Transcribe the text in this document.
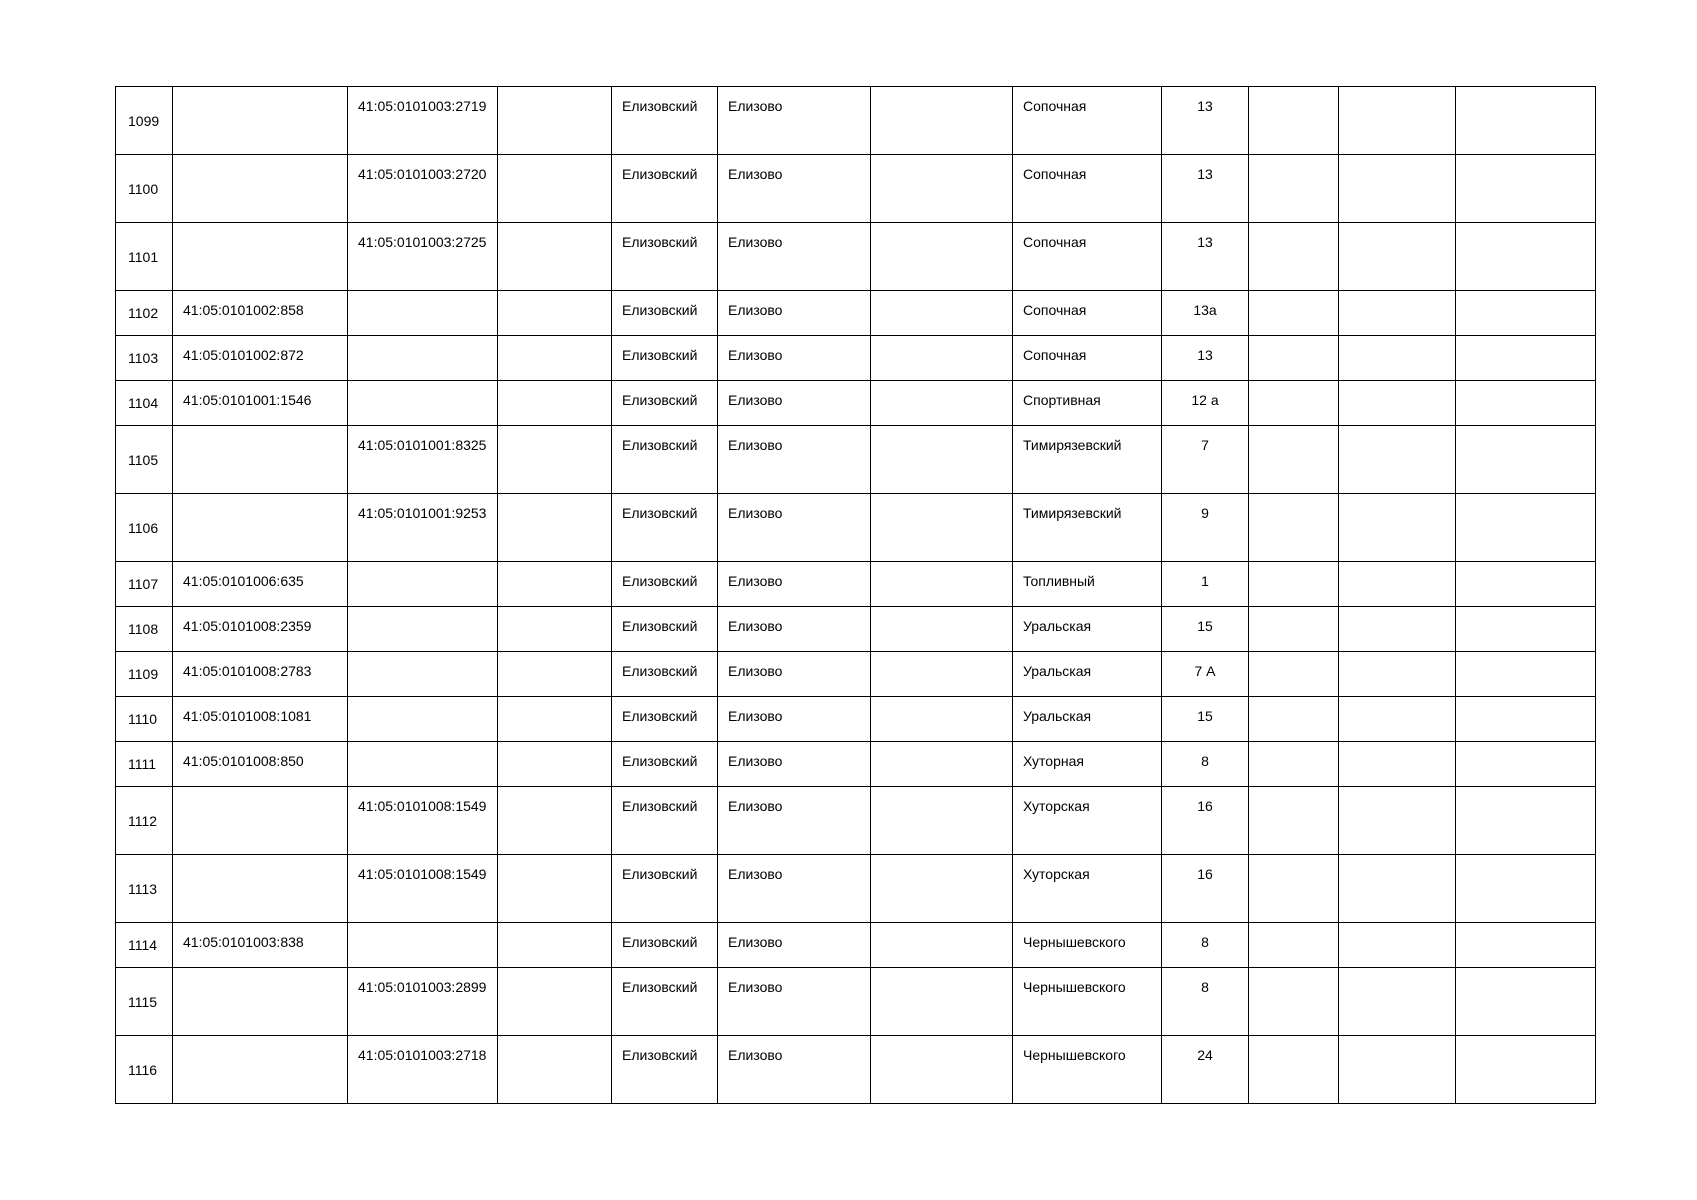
1099		41:05:0101003:2719		Елизовский	Елизово		Сопочная	13			
1100		41:05:0101003:2720		Елизовский	Елизово		Сопочная	13			
1101		41:05:0101003:2725		Елизовский	Елизово		Сопочная	13			
1102	41:05:0101002:858			Елизовский	Елизово		Сопочная	13а			
1103	41:05:0101002:872			Елизовский	Елизово		Сопочная	13			
1104	41:05:0101001:1546			Елизовский	Елизово		Спортивная	12 а			
1105		41:05:0101001:8325		Елизовский	Елизово		Тимирязевский	7			
1106		41:05:0101001:9253		Елизовский	Елизово		Тимирязевский	9			
1107	41:05:0101006:635			Елизовский	Елизово		Топливный	1			
1108	41:05:0101008:2359			Елизовский	Елизово		Уральская	15			
1109	41:05:0101008:2783			Елизовский	Елизово		Уральская	7 А			
1110	41:05:0101008:1081			Елизовский	Елизово		Уральская	15			
1111	41:05:0101008:850			Елизовский	Елизово		Хуторная	8			
1112		41:05:0101008:1549		Елизовский	Елизово		Хуторская	16			
1113		41:05:0101008:1549		Елизовский	Елизово		Хуторская	16			
1114	41:05:0101003:838			Елизовский	Елизово		Чернышевского	8			
1115		41:05:0101003:2899		Елизовский	Елизово		Чернышевского	8			
1116		41:05:0101003:2718		Елизовский	Елизово		Чернышевского	24			
